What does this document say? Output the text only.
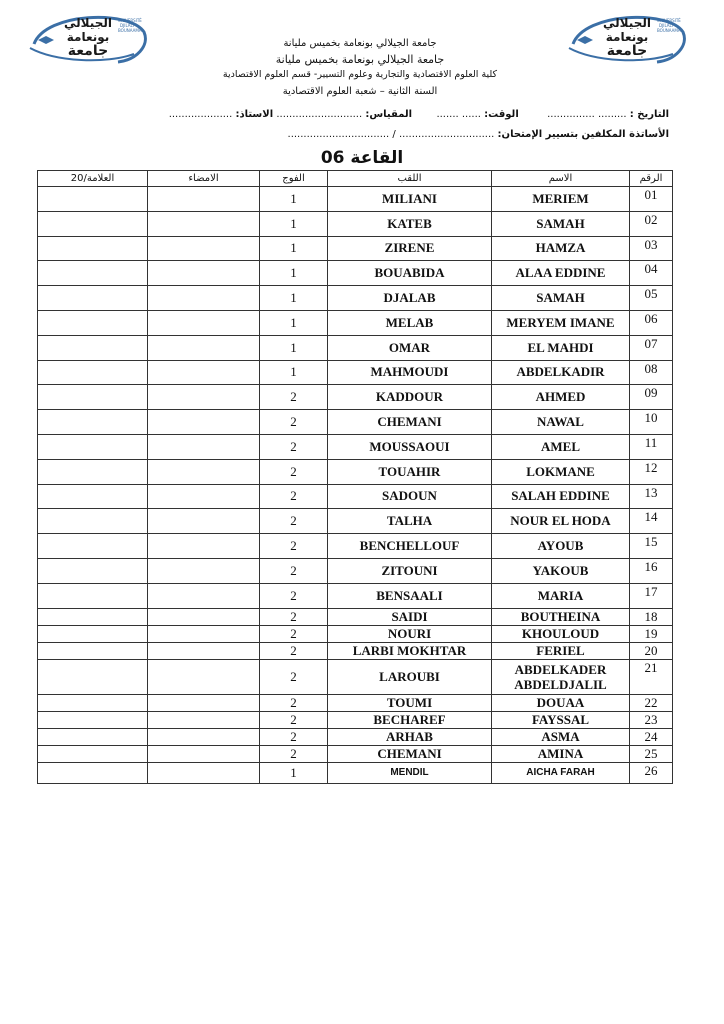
الجيلالي
بونعامة
جامعة
UNIVERSITÉ DJILALI BOUNAAMA
الجيلالي
بونعامة
جامعة
UNIVERSITÉ DJILALI BOUNAAMA
جامعة الجيلالي بونعامة بخميس مليانة
جامعة الجيلالي بونعامة بخميس مليانة
كلية العلوم الاقتصادية والتجارية وعلوم التسيير- قسم العلوم الاقتصادية
السنة الثانية – شعبة العلوم الاقتصادية
التاريخ : ......... ...............  الوقت: ...... .......  المقياس: ........................... الاستاذ: ....................
الأساتذة المكلفين بتسيير الإمتحان: .............................. / ................................
القاعة 06
العلامة/20	الامضاء	الفوج	اللقب	الاسم	الرقم
		1	MILIANI	MERIEM	01
		1	KATEB	SAMAH	02
		1	ZIRENE	HAMZA	03
		1	BOUABIDA	ALAA EDDINE	04
		1	DJALAB	SAMAH	05
		1	MELAB	MERYEM IMANE	06
		1	OMAR	EL MAHDI	07
		1	MAHMOUDI	ABDELKADIR	08
		2	KADDOUR	AHMED	09
		2	CHEMANI	NAWAL	10
		2	MOUSSAOUI	AMEL	11
		2	TOUAHIR	LOKMANE	12
		2	SADOUN	SALAH EDDINE	13
		2	TALHA	NOUR EL HODA	14
		2	BENCHELLOUF	AYOUB	15
		2	ZITOUNI	YAKOUB	16
		2	BENSAALI	MARIA	17
		2	SAIDI	BOUTHEINA	18
		2	NOURI	KHOULOUD	19
		2	LARBI MOKHTAR	FERIEL	20
		2	LAROUBI	ABDELKADER ABDELDJALIL	21
		2	TOUMI	DOUAA	22
		2	BECHAREF	FAYSSAL	23
		2	ARHAB	ASMA	24
		2	CHEMANI	AMINA	25
		1	MENDIL	AICHA FARAH	26
